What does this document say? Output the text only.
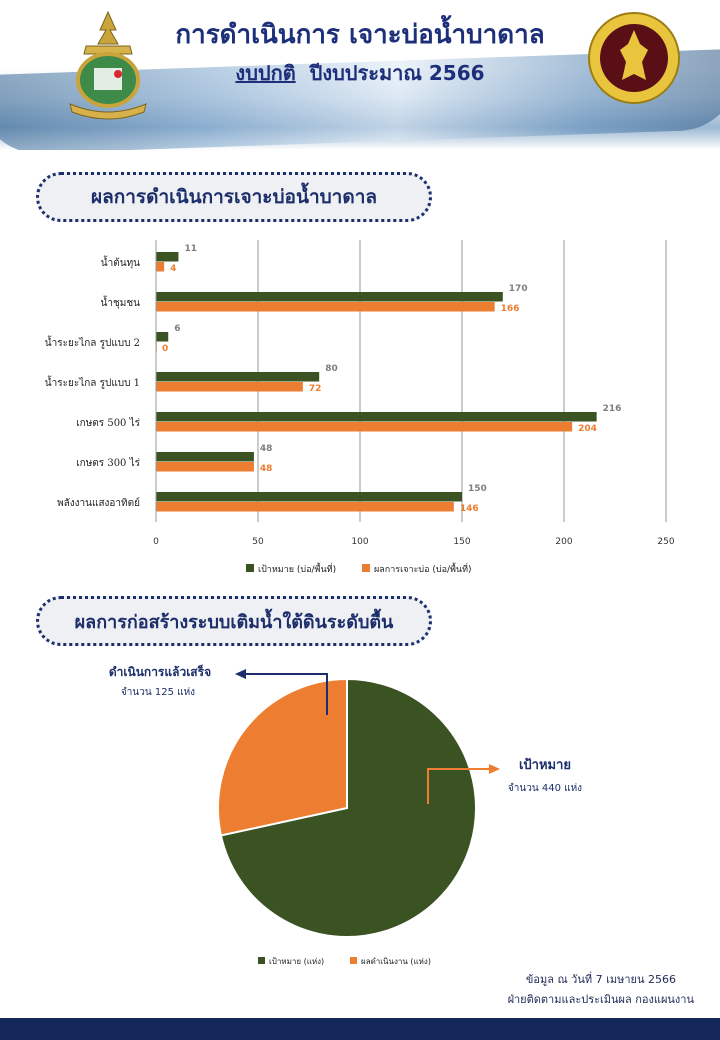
การดำเนินการ เจาะบ่อน้ำบาดาล
งบปกติ ปีงบประมาณ 2566
ผลการดำเนินการเจาะบ่อน้ำบาดาล
0	50	100	150	200	250
น้ำต้นทุน
11
4
น้ำชุมชน
170
166
น้ำระยะไกล รูปแบบ 2
6
0
น้ำระยะไกล รูปแบบ 1
80
72
เกษตร 500 ไร่
216
204
เกษตร 300 ไร่
48
48
พลังงานแสงอาทิตย์
150
146
เป้าหมาย (บ่อ/พื้นที่)	ผลการเจาะบ่อ (บ่อ/พื้นที่)
ผลการก่อสร้างระบบเติมน้ำใต้ดินระดับตื้น
ดำเนินการแล้วเสร็จ
จำนวน 125 แห่ง
เป้าหมาย
จำนวน 440 แห่ง
เป้าหมาย (แห่ง)	ผลดำเนินงาน (แห่ง)
ข้อมูล ณ วันที่ 7 เมษายน 2566
ฝ่ายติดตามและประเมินผล กองแผนงาน
